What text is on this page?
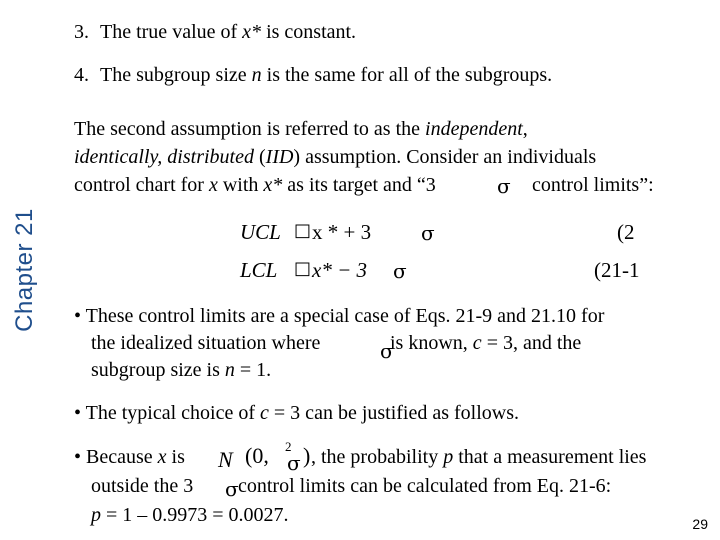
Chapter 21
3. The true value of x* is constant.
4. The subgroup size n is the same for all of the subgroups.
The second assumption is referred to as the independent,
identically, distributed (IID) assumption. Consider an individuals
control chart for x with x* as its target and “3	σ control limits”:
UCL □ x * + 3 σ	(2
LCL □ x* − 3 σ	(21-1
• These control limits are a special case of Eqs. 21-9 and 21.10 for
the idealized situation where	σ
is known, c = 3, and the
subgroup size is n = 1.
• The typical choice of c = 3 can be justified as follows.
• Because x is N (0, 2
σ ) , the probability p that a measurement lies
outside the 3 σ control limits can be calculated from Eq. 21-6:
p = 1 – 0.9973 = 0.0027.	29
